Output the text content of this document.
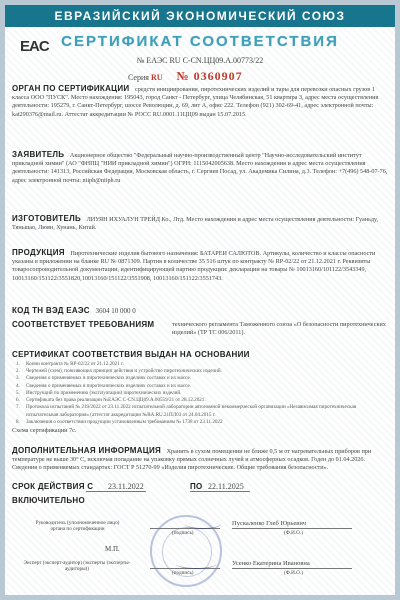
ЕВРАЗИЙСКИЙ ЭКОНОМИЧЕСКИЙ СОЮЗ
EAC СЕРТИФИКАТ СООТВЕТСТВИЯ
№ ЕАЭС RU С-CN.ЦЦ09.А.00773/22
Серия RU № 0360907
ОРГАН ПО СЕРТИФИКАЦИИ средств инициирования, пиротехнических изделий и тары для перевозки опасных грузов 1 класса ООО "ПУСК". Место нахождения: 195043, город Санкт - Петербург, улица Челябинская, 51 квартира 3, адрес места осуществления деятельности: 195279, г. Санкт-Петербург, шоссе Революции, д. 69, лит А, офис 222. Телефон (921) 302-69-41, адрес электронной почты: kat290376@mail.ru. Аттестат аккредитации № РОСС RU.0001.11ЦЦ09 выдан 15.07.2015.
ЗАЯВИТЕЛЬ Акционерное общество "Федеральный научно-производственный центр "Научно-исследовательский институт прикладной химии" (АО "ФНПЦ "НИИ прикладной химии") ОГРН: 1115042005638. Место нахождения и адрес места осуществления деятельности: 141313, Российская Федерация, Московская область, г. Сергиев Посад, ул. Академика Силина, д.3. Телефон: +7(496) 548-07-76, адрес электронной почты: niiph@niiph.ru
ИЗГОТОВИТЕЛЬ ЛИУЯН ИХУАЛУН ТРЕЙД Ко., Лтд. Место нахождения и адрес места осуществления деятельности: Гуаньду, Тяньшао, Люян, Хунань, Китай.
ПРОДУКЦИЯ Пиротехнические изделия бытового назначения: БАТАРЕИ САЛЮТОВ. Артикулы, количество и классы опасности указаны в приложении на бланке RU № 0871309. Партия в количестве 35 516 штук по контракту № RP-02/22 от 21.12.2021 г. Реквизиты товаросопроводительной документации, идентифицирующей партию продукции: декларации на товары № 10013160/101122/3543349, 10013160/151122/3551820,10013160/151122/3551908, 10013160/151122/3551743.
КОД ТН ВЭД ЕАЭС 3604 10 000 0
СООТВЕТСТВУЕТ ТРЕБОВАНИЯМ	технического регламента Таможенного союза «О безопасности пиротехнических изделий» (ТР ТС 006/2011).
СЕРТИФИКАТ СООТВЕТСТВИЯ ВЫДАН НА ОСНОВАНИИ
1. Копии контракта № RP-02/22 от 21.12.2021 г.
2. Чертежей (схем), поясняющих принцип действия и устройство пиротехнических изделий.
3. Сведения о применяемых в пиротехнических изделиях составах и их массе.
4. Сведения о применяемых в пиротехнических изделиях составах и их массе.
5. Инструкций по применению (эксплуатации) пиротехнических изделий.
6. Сертификата без права реализации №ЕАЭС С-СN.ЦЦ09.А.00559/21 от 28.12.2021.
7. Протокола испытаний № 219/2022 от 23.11.2022 испытательной лаборатории автономной некоммерческой организации «Независимая пиротехническая испытательная лаборатория» (аттестат аккредитации №RA.RU.21ПЛ03 от 24.04.2015 г.
8. Заключения о соответствии продукции установленным требованиям № 1738 от 23.11.2022
Схема сертификации 7с.
ДОПОЛНИТЕЛЬНАЯ ИНФОРМАЦИЯ Хранить в сухом помещении не ближе 0,5 м от нагревательных приборов при температуре не выше 30° С, исключая попадание на упаковку прямых солнечных лучей и атмосферных осадков. Годен до 01.04.2026. Сведения о применяемых стандартах: ГОСТ Р 51270-99 «Изделия пиротехнические. Общие требования безопасности».
СРОК ДЕЙСТВИЯ С 23.11.2022	ПО 22.11.2025
ВКЛЮЧИТЕЛЬНО
Руководитель (уполномоченное лицо) органа по сертификации
(подпись)
Пускаленко Глеб Юрьевич
(Ф.И.О.)
М.П.
Эксперт (эксперт-аудитор) (эксперты (эксперты-аудиторы))
(подпись)
Усенко Екатерина Ивановна
(Ф.И.О.)
